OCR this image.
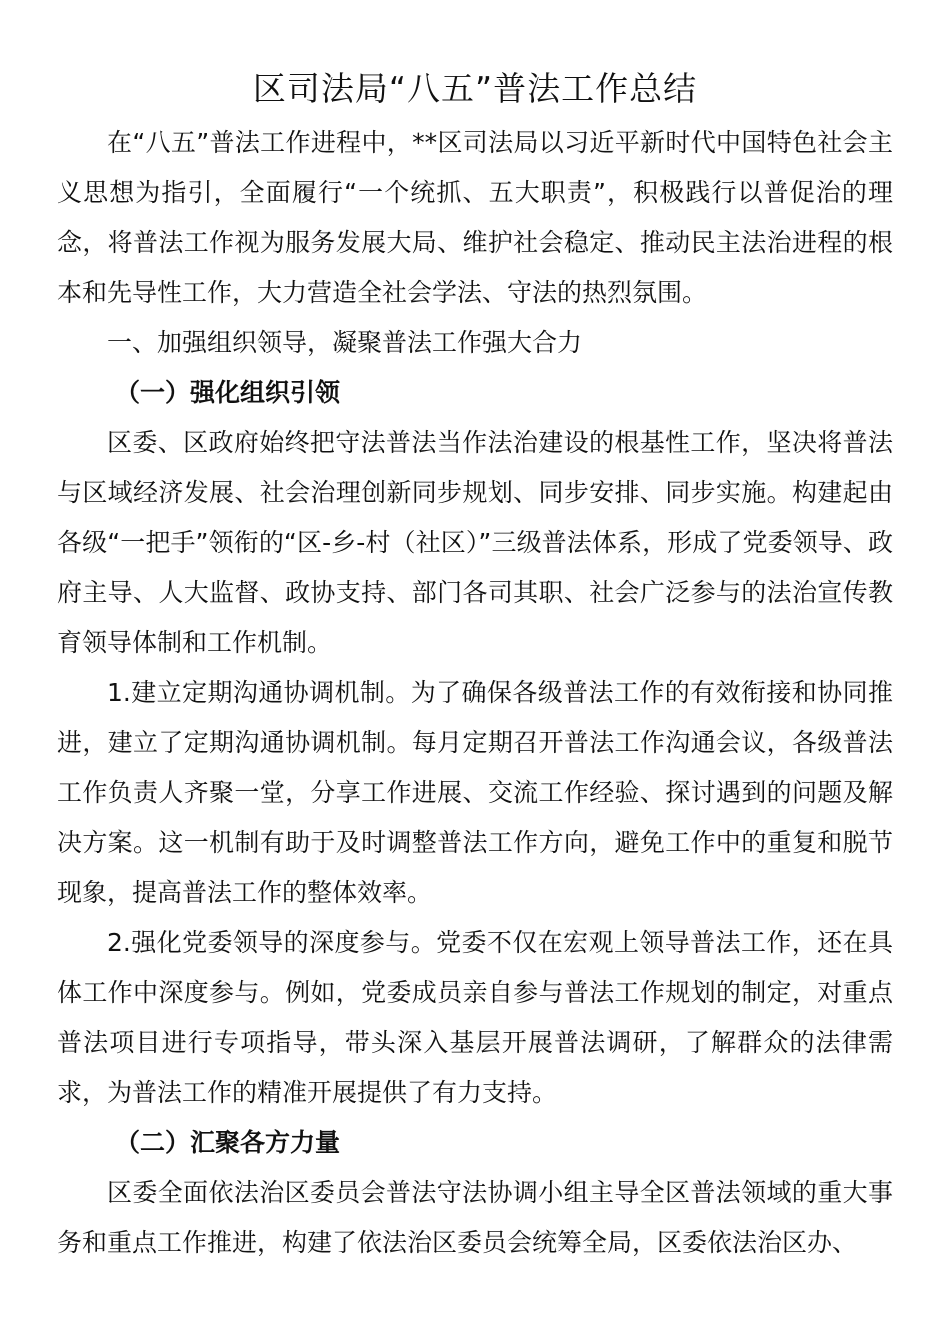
区司法局“八五”普法工作总结

在“八五”普法工作进程中，**区司法局以习近平新时代中国特色社会主义思想为指引，全面履行“一个统抓、五大职责”，积极践行以普促治的理念，将普法工作视为服务发展大局、维护社会稳定、推动民主法治进程的根本和先导性工作，大力营造全社会学法、守法的热烈氛围。

一、加强组织领导，凝聚普法工作强大合力

（一）强化组织引领

区委、区政府始终把守法普法当作法治建设的根基性工作，坚决将普法与区域经济发展、社会治理创新同步规划、同步安排、同步实施。构建起由各级“一把手”领衔的“区-乡-村（社区）”三级普法体系，形成了党委领导、政府主导、人大监督、政协支持、部门各司其职、社会广泛参与的法治宣传教育领导体制和工作机制。

1.建立定期沟通协调机制。为了确保各级普法工作的有效衔接和协同推进，建立了定期沟通协调机制。每月定期召开普法工作沟通会议，各级普法工作负责人齐聚一堂，分享工作进展、交流工作经验、探讨遇到的问题及解决方案。这一机制有助于及时调整普法工作方向，避免工作中的重复和脱节现象，提高普法工作的整体效率。

2.强化党委领导的深度参与。党委不仅在宏观上领导普法工作，还在具体工作中深度参与。例如，党委成员亲自参与普法工作规划的制定，对重点普法项目进行专项指导，带头深入基层开展普法调研，了解群众的法律需求，为普法工作的精准开展提供了有力支持。

（二）汇聚各方力量

区委全面依法治区委员会普法守法协调小组主导全区普法领域的重大事务和重点工作推进，构建了依法治区委员会统筹全局，区委依法治区办、
